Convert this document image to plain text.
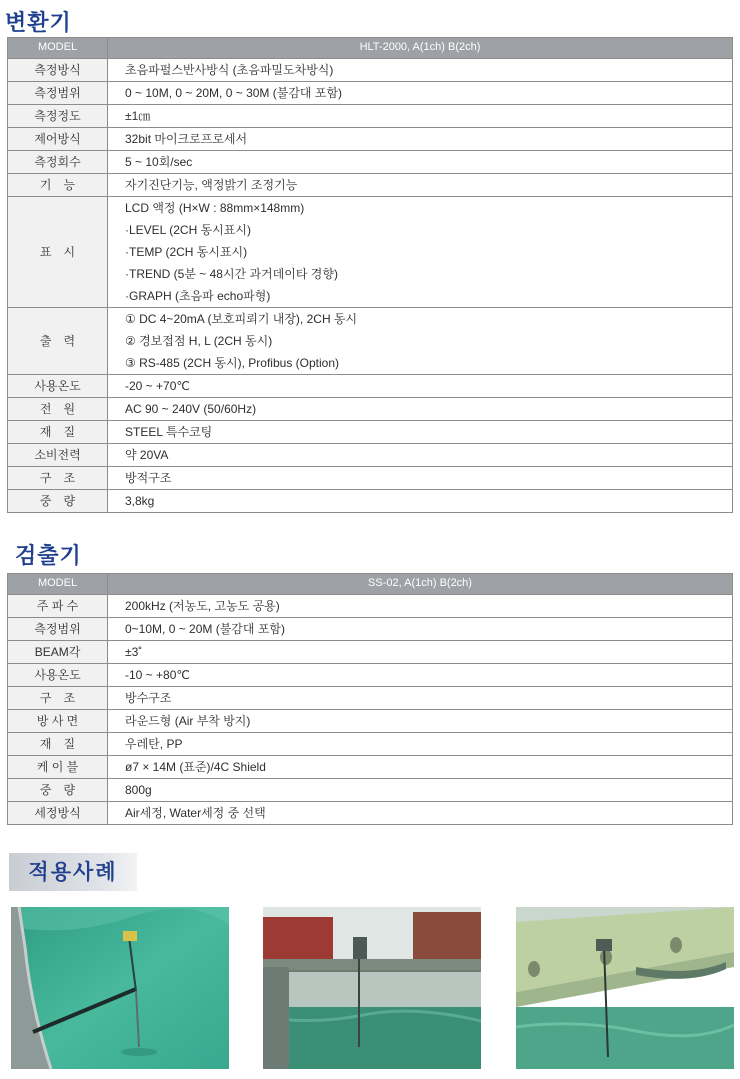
변환기
MODEL	HLT-2000, A(1ch) B(2ch)
측정방식	초음파펄스반사방식 (초음파밀도차방식)

측정범위	0 ~ 10M, 0 ~ 20M, 0 ~ 30M (불감대 포함)

측정정도	±1㎝

제어방식	32bit 마이크로프로세서

측정회수	5 ~ 10회/sec

기　능	자기진단기능, 액정밝기 조정기능

표　시	LCD 액정 (H×W : 88mm×148mm)
·LEVEL (2CH 동시표시)
·TEMP (2CH 동시표시)
·TREND (5분 ~ 48시간 과거데이타 경향)
·GRAPH (초음파 echo파형)

출　력	① DC 4~20mA (보호피뢰기 내장), 2CH 동시
② 경보접점 H, L (2CH 동시)
③ RS-485 (2CH 동시), Profibus (Option)

사용온도	-20 ~ +70℃

전　원	AC 90 ~ 240V (50/60Hz)

재　질	STEEL 특수코팅

소비전력	약 20VA

구　조	방적구조

중　량	3,8kg
검출기
MODEL	SS-02, A(1ch) B(2ch)
주 파 수	200kHz (저농도, 고농도 공용)

측정범위	0~10M, 0 ~ 20M (불감대 포함)

BEAM각	±3˚

사용온도	-10 ~ +80℃

구　조	방수구조

방 사 면	라운드형 (Air 부착 방지)

재　질	우레탄, PP

케 이 블	ø7 × 14M (표준)/4C Shield

중　량	800g

세정방식	Air세정, Water세정 중 선택
적용사례
